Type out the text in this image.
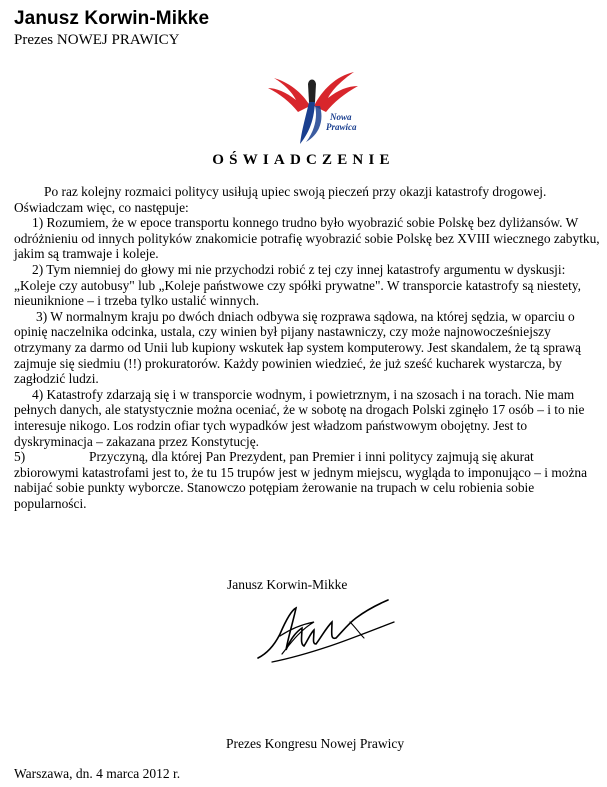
Janusz Korwin-Mikke
Prezes NOWEJ PRAWICY
Nowa
Prawica
OŚWIADCZENIE

Po raz kolejny rozmaici politycy usiłują upiec swoją pieczeń przy okazji katastrofy drogowej. Oświadczam więc, co następuje:

1) Rozumiem, że w epoce transportu konnego trudno było wyobrazić sobie Polskę bez dyliżansów. W odróżnieniu od innych polityków znakomicie potrafię wyobrazić sobie Polskę bez XVIII wiecznego zabytku, jakim są tramwaje i koleje.

2) Tym niemniej do głowy mi nie przychodzi robić z tej czy innej katastrofy argumentu w dyskusji: „Koleje czy autobusy" lub „Koleje państwowe czy spółki prywatne". W transporcie katastrofy są niestety, nieuniknione – i trzeba tylko ustalić winnych.

3) W normalnym kraju po dwóch dniach odbywa się rozprawa sądowa, na której sędzia, w oparciu o opinię naczelnika odcinka, ustala, czy winien był pijany nastawniczy, czy może najnowocześniejszy otrzymany za darmo od Unii lub kupiony wskutek łap system komputerowy. Jest skandalem, że tą sprawą zajmuje się siedmiu (!!) prokuratorów. Każdy powinien wiedzieć, że już sześć kucharek wystarcza, by zagłodzić ludzi.

4) Katastrofy zdarzają się i w transporcie wodnym, i powietrznym, i na szosach i na torach. Nie mam pełnych danych, ale statystycznie można oceniać, że w sobotę na drogach Polski zginęło 17 osób – i to nie interesuje nikogo. Los rodzin ofiar tych wypadków jest władzom państwowym obojętny. Jest to dyskryminacja – zakazana przez Konstytucję.

5)	Przyczyną, dla której Pan Prezydent, pan Premier i inni politycy zajmują się akurat zbiorowymi katastrofami jest to, że tu 15 trupów jest w jednym miejscu, wygląda to imponująco – i można nabijać sobie punkty wyborcze. Stanowczo potępiam żerowanie na trupach w celu robienia sobie popularności.

Janusz Korwin-Mikke
Prezes Kongresu Nowej Prawicy
Warszawa, dn. 4 marca 2012 r.
